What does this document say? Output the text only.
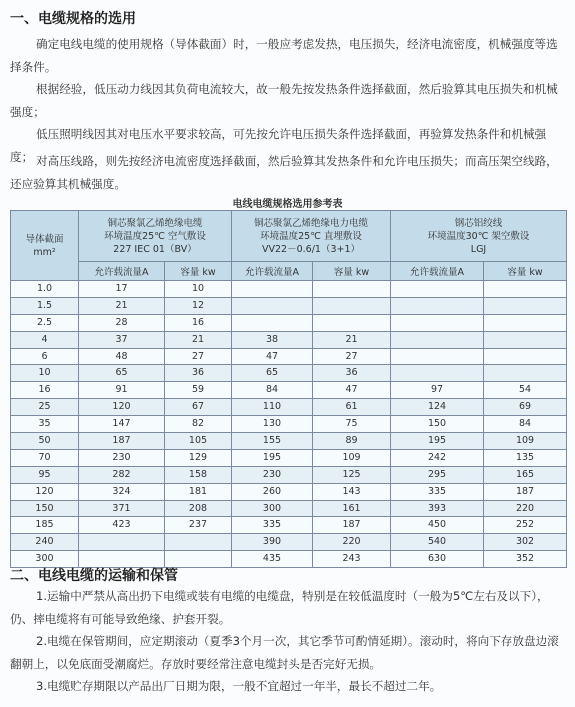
一、电缆规格的选用

确定电线电缆的使用规格（导体截面）时，一般应考虑发热，电压损失，经济电流密度，机械强度等选择条件。

根据经验，低压动力线因其负荷电流较大，故一般先按发热条件选择截面，然后验算其电压损失和机械强度；

低压照明线因其对电压水平要求较高，可先按允许电压损失条件选择截面，再验算发热条件和机械强度； 对高压线路，则先按经济电流密度选择截面，然后验算其发热条件和允许电压损失；而高压架空线路，还应验算其机械强度。

电线电缆规格选用参考表
导体截面
mm²	铜芯聚氯乙烯绝缘电缆
环境温度25℃ 空气敷设
227 IEC 01（BV）		铜芯聚氯乙烯绝缘电力电缆
环境温度25℃ 直埋敷设
VV22－0.6/1（3+1）		钢芯铝绞线
环境温度30℃ 架空敷设
LGJ	

	允许载流量A	容量 kw	允许载流量A	容量 kw	允许载流量A	容量 kw
1.0	17	10				
1.5	21	12				
2.5	28	16				
4	37	21	38	21		
6	48	27	47	27		
10	65	36	65	36		
16	91	59	84	47	97	54
25	120	67	110	61	124	69
35	147	82	130	75	150	84
50	187	105	155	89	195	109
70	230	129	195	109	242	135
95	282	158	230	125	295	165
120	324	181	260	143	335	187
150	371	208	300	161	393	220
185	423	237	335	187	450	252
240			390	220	540	302
300			435	243	630	352
二、电线电缆的运输和保管

1.运输中严禁从高出扔下电缆或装有电缆的电缆盘，特别是在较低温度时（一般为5℃左右及以下），仍、摔电缆将有可能导致绝缘、护套开裂。

2.电缆在保管期间，应定期滚动（夏季3个月一次，其它季节可酌情延期）。滚动时，将向下存放盘边滚翻朝上，以免底面受潮腐烂。存放时要经常注意电缆封头是否完好无损。

3.电缆贮存期限以产品出厂日期为限，一般不宜超过一年半，最长不超过二年。
